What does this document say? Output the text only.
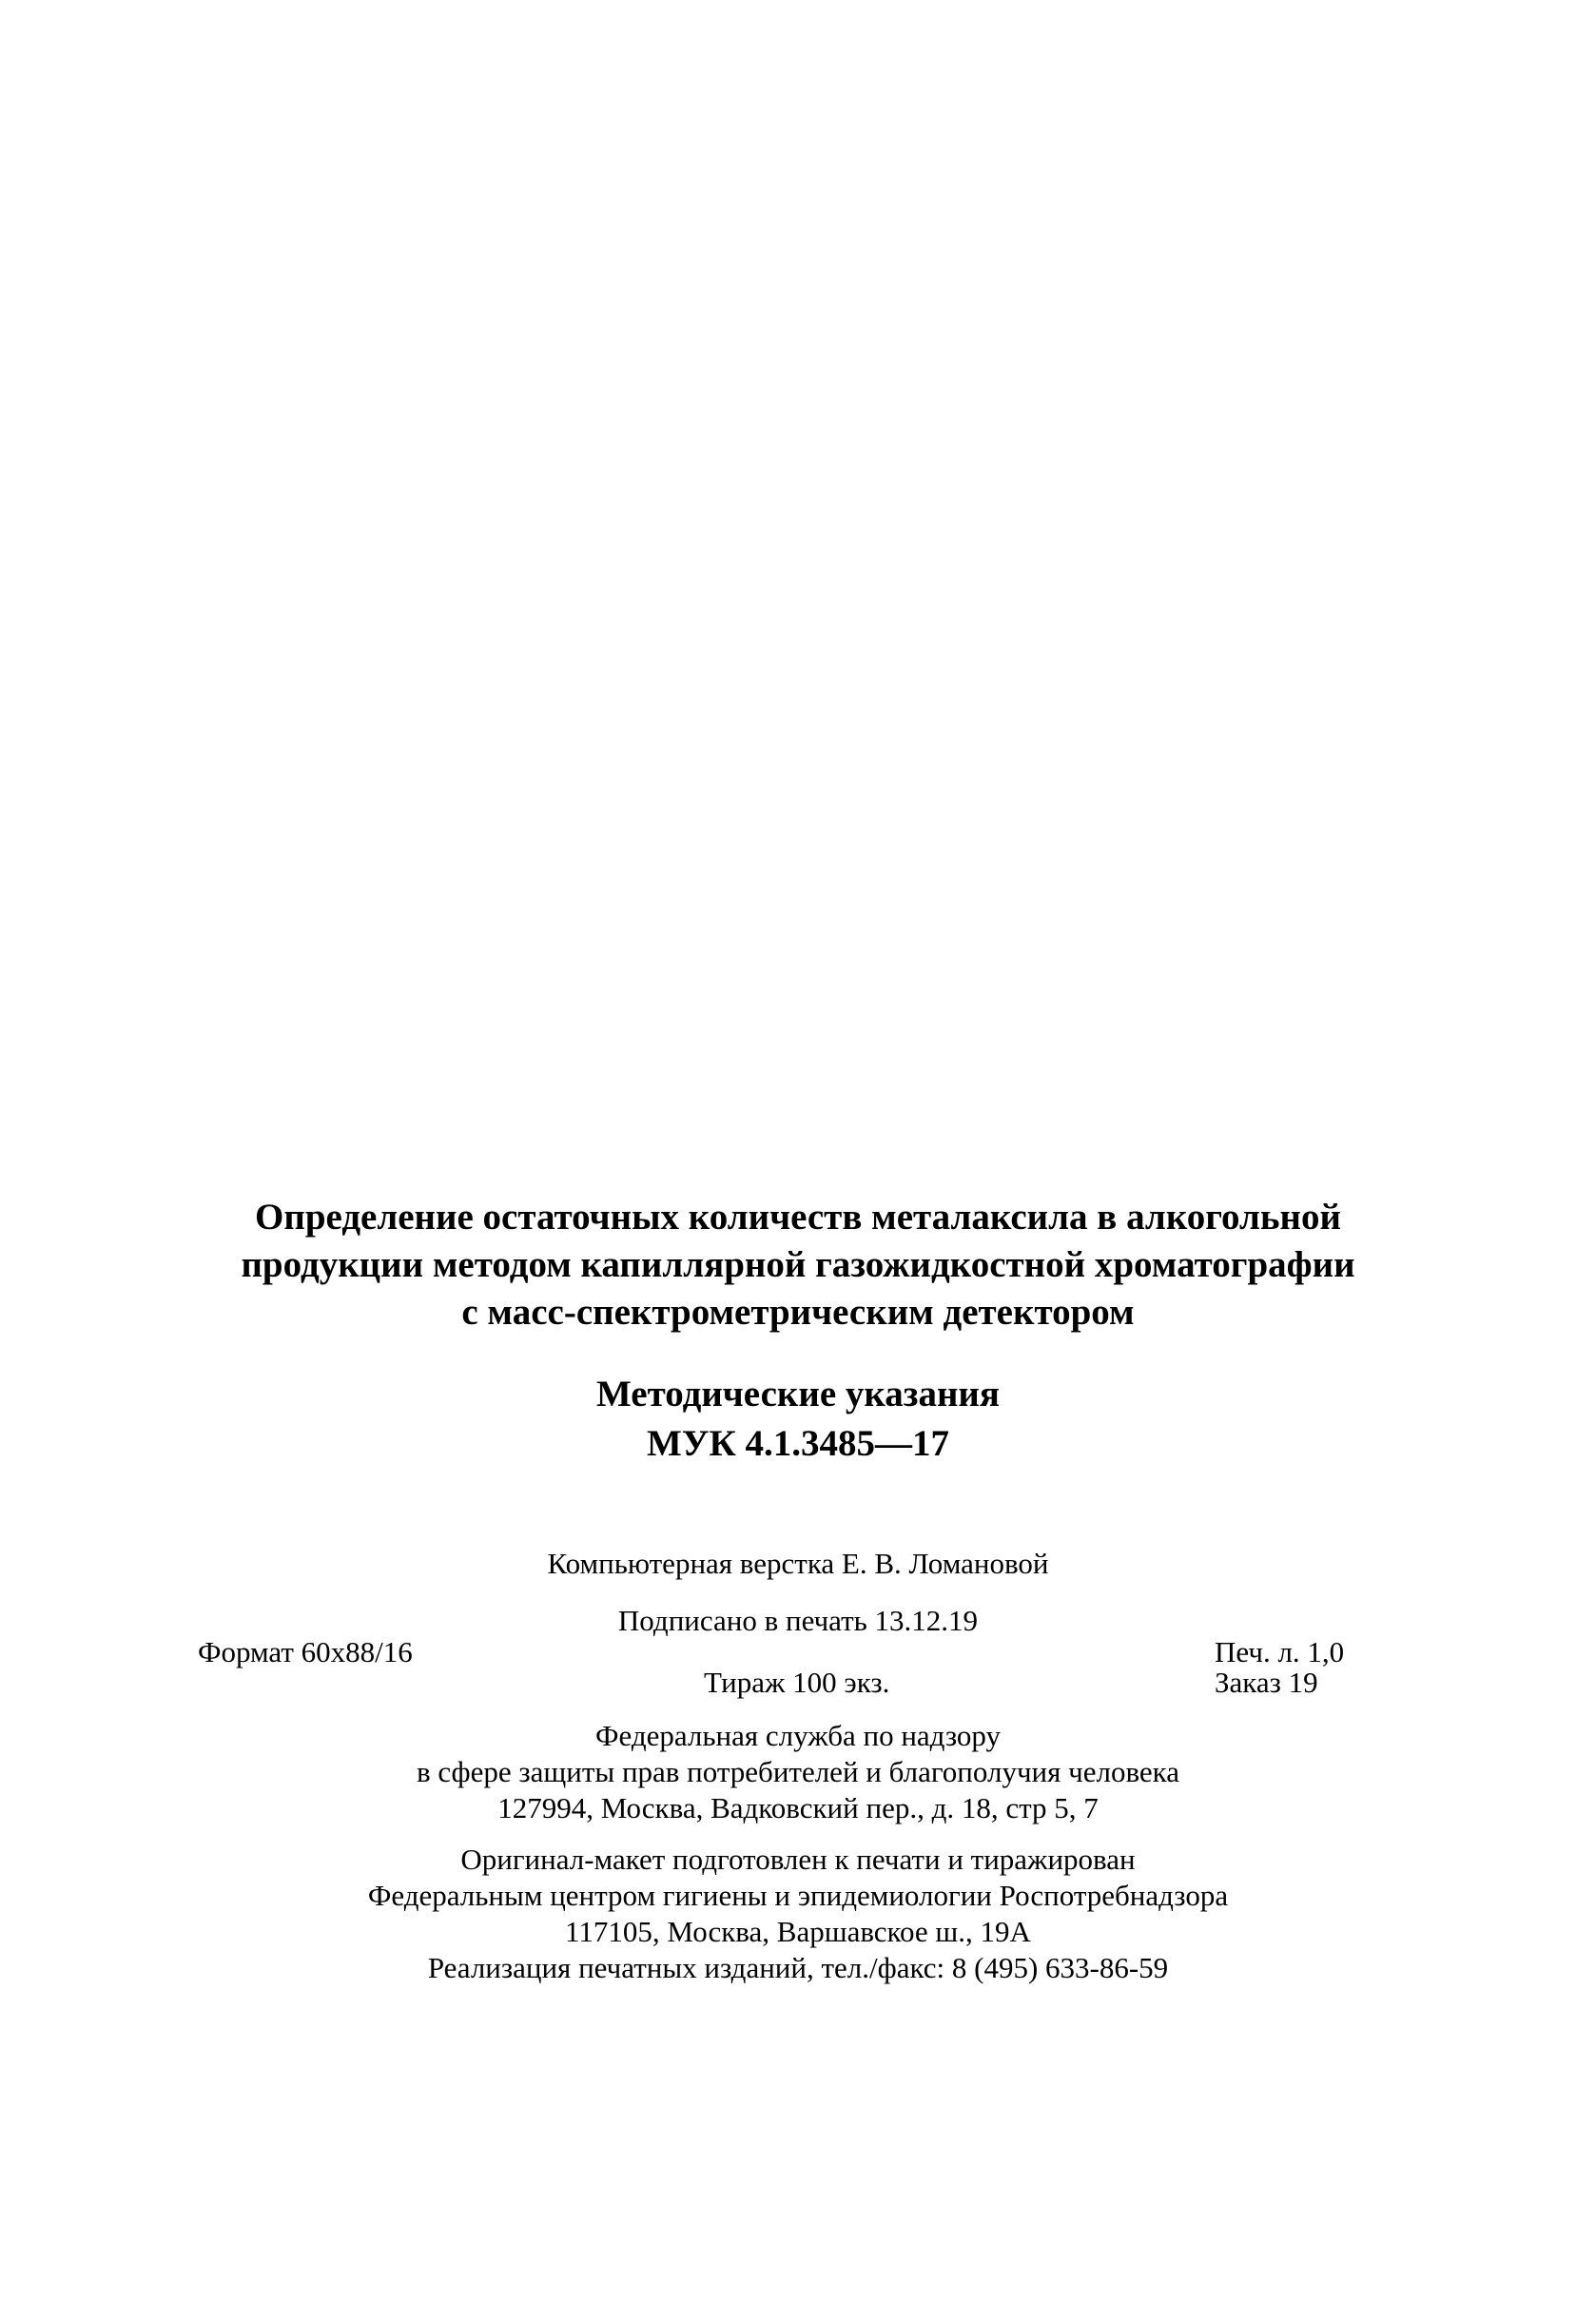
Определение остаточных количеств металаксила в алкогольной
продукции методом капиллярной газожидкостной хроматографии
с масс-спектрометрическим детектором
Методические указания
МУК 4.1.3485—17
Компьютерная верстка Е. В. Ломановой
Подписано в печать 13.12.19
Формат 60x88/16	Печ. л. 1,0
Тираж 100 экз.	Заказ 19
Федеральная служба по надзору
в сфере защиты прав потребителей и благополучия человека
127994, Москва, Вадковский пер., д. 18, стр 5, 7
Оригинал-макет подготовлен к печати и тиражирован
Федеральным центром гигиены и эпидемиологии Роспотребнадзора
117105, Москва, Варшавское ш., 19А
Реализация печатных изданий, тел./факс: 8 (495) 633-86-59
